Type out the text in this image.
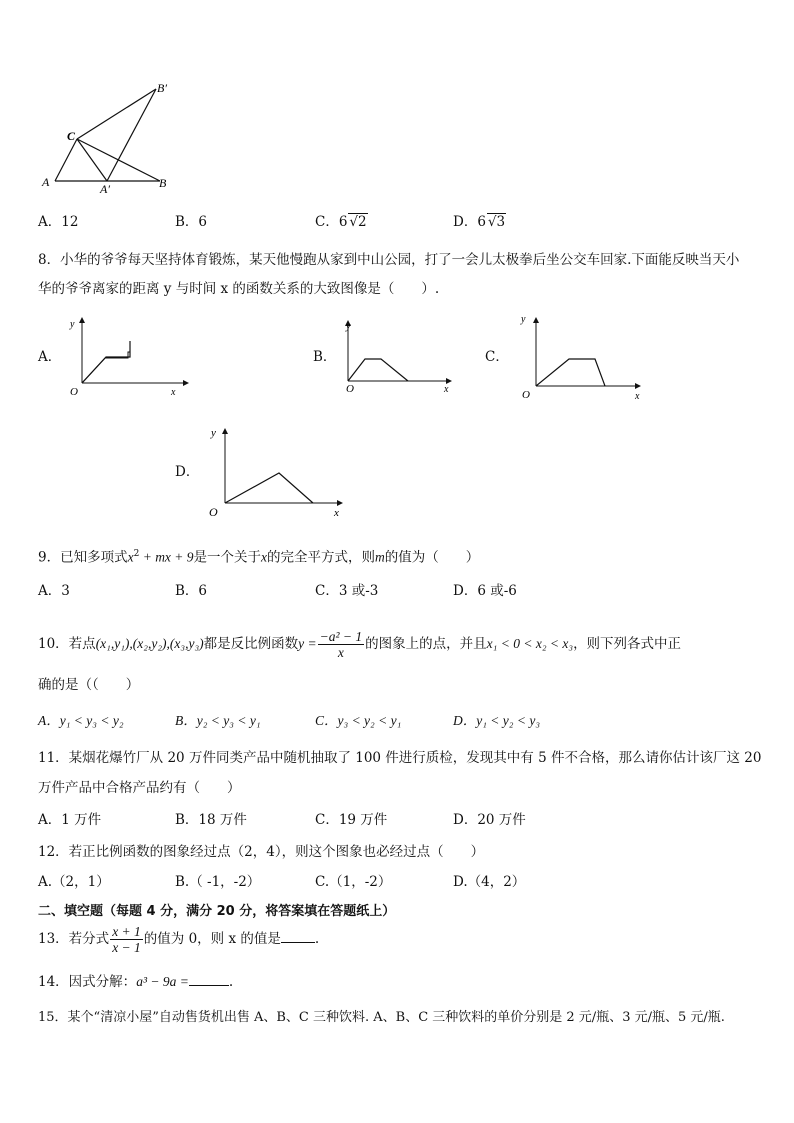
A	A′	B
B′
C
A．12	B．6	C．6 √2	D．6 √3
8．小华的爷爷每天坚持体育锻炼，某天他慢跑从家到中山公园，打了一会儿太极拳后坐公交车回家.下面能反映当天小
华的爷爷离家的距离 y 与时间 x 的函数关系的大致图像是（　　）.
A．
y
O	x
B．
y
O	x
C．
y
O	x
D．
y
O	x
9．已知多项式$x^2$ + mx + 9是一个关于x的完全平方式，则m的值为（　　）
A．3	B．6	C．3 或-3	D．6 或-6
10．若点(x₁,y₁),(x₂,y₂),(x₃,y₃)都是反比例函数$y = \frac{\text{−a² − 1}}{x}$ 的图象上的点，并且x₁ < 0 < x₂ < x₃，则下列各式中正
确的是（（　　）
A．y₁ < y₃ < y₂	B．y₂ < y₃ < y₁	C．y₃ < y₂ < y₁	D．y₁ < y₂ < y₃
11．某烟花爆竹厂从 20 万件同类产品中随机抽取了 100 件进行质检，发现其中有 5 件不合格，那么请你估计该厂这 20
万件产品中合格产品约有（　　）
A．1 万件	B．18 万件	C．19 万件	D．20 万件
12．若正比例函数的图象经过点（2，4），则这个图象也必经过点（　　）
A.（2，1）	B.（ -1，-2）	C.（1，-2）	D.（4，2）
二、填空题（每题 4 分，满分 20 分，将答案填在答题纸上）
13．若分式 $\frac{x + 1}{x - 1}$ 的值为 0，则 x 的值是	.
14．因式分解：a³ − 9a =	.
15．某个“清凉小屋”自动售货机出售 A、B、C 三种饮料. A、B、C 三种饮料的单价分别是 2 元/瓶、3 元/瓶、5 元/瓶.
